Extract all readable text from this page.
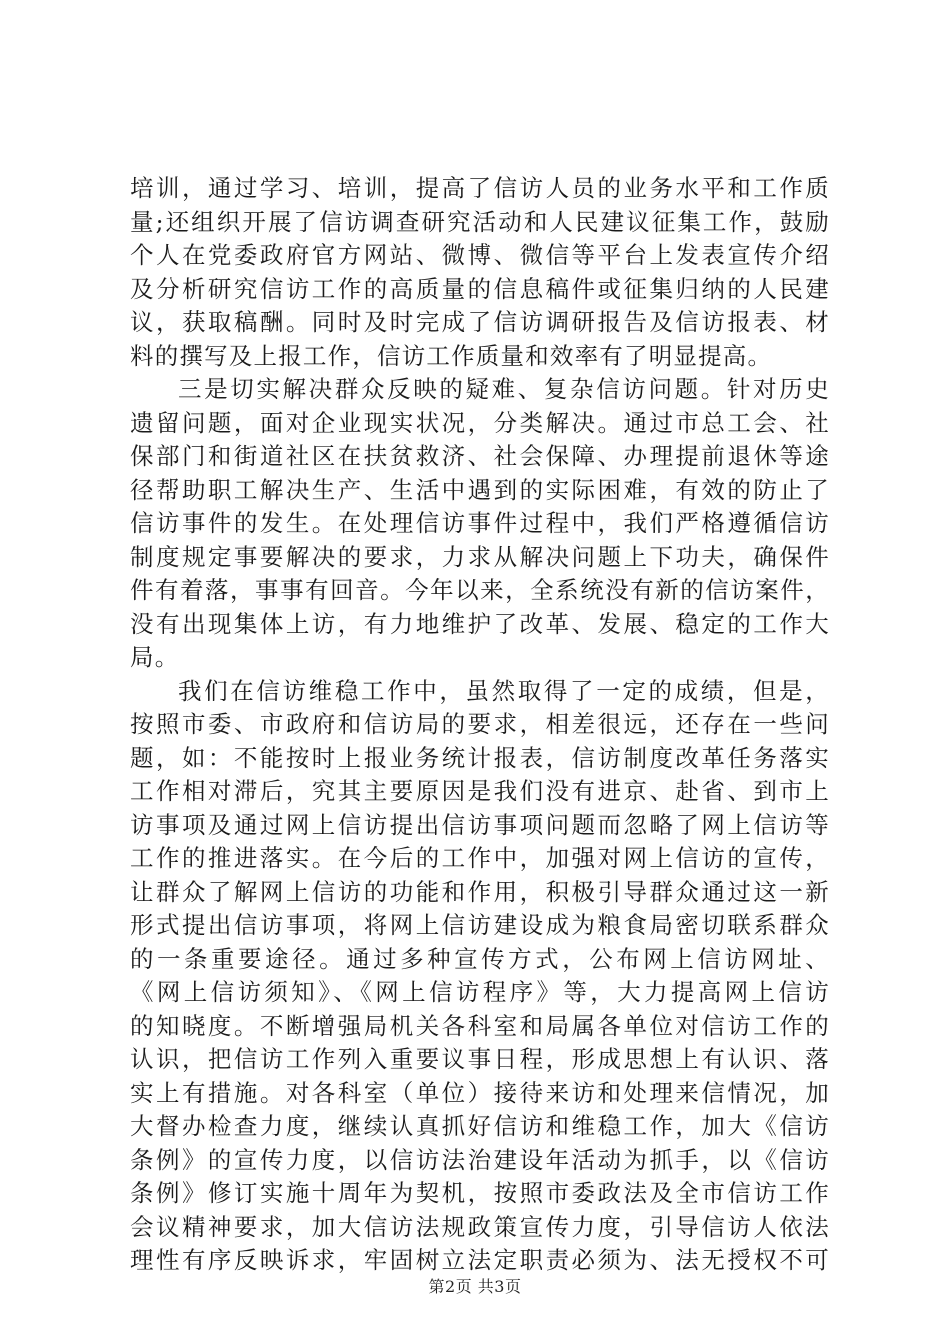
培训，通过学习、培训，提高了信访人员的业务水平和工作质
量;还组织开展了信访调查研究活动和人民建议征集工作，鼓励
个人在党委政府官方网站、微博、微信等平台上发表宣传介绍
及分析研究信访工作的高质量的信息稿件或征集归纳的人民建
议，获取稿酬。同时及时完成了信访调研报告及信访报表、材
料的撰写及上报工作，信访工作质量和效率有了明显提高。
三是切实解决群众反映的疑难、复杂信访问题。针对历史
遗留问题，面对企业现实状况，分类解决。通过市总工会、社
保部门和街道社区在扶贫救济、社会保障、办理提前退休等途
径帮助职工解决生产、生活中遇到的实际困难，有效的防止了
信访事件的发生。在处理信访事件过程中，我们严格遵循信访
制度规定事要解决的要求，力求从解决问题上下功夫，确保件
件有着落，事事有回音。今年以来，全系统没有新的信访案件，
没有出现集体上访，有力地维护了改革、发展、稳定的工作大
局。
我们在信访维稳工作中，虽然取得了一定的成绩，但是，
按照市委、市政府和信访局的要求，相差很远，还存在一些问
题，如：不能按时上报业务统计报表，信访制度改革任务落实
工作相对滞后，究其主要原因是我们没有进京、赴省、到市上
访事项及通过网上信访提出信访事项问题而忽略了网上信访等
工作的推进落实。在今后的工作中，加强对网上信访的宣传，
让群众了解网上信访的功能和作用，积极引导群众通过这一新
形式提出信访事项，将网上信访建设成为粮食局密切联系群众
的一条重要途径。通过多种宣传方式，公布网上信访网址、
《网上信访须知》、《网上信访程序》等，大力提高网上信访
的知晓度。不断增强局机关各科室和局属各单位对信访工作的
认识，把信访工作列入重要议事日程，形成思想上有认识、落
实上有措施。对各科室（单位）接待来访和处理来信情况，加
大督办检查力度，继续认真抓好信访和维稳工作，加大《信访
条例》的宣传力度，以信访法治建设年活动为抓手，以《信访
条例》修订实施十周年为契机，按照市委政法及全市信访工作
会议精神要求，加大信访法规政策宣传力度，引导信访人依法
理性有序反映诉求，牢固树立法定职责必须为、法无授权不可
第2页 共3页
